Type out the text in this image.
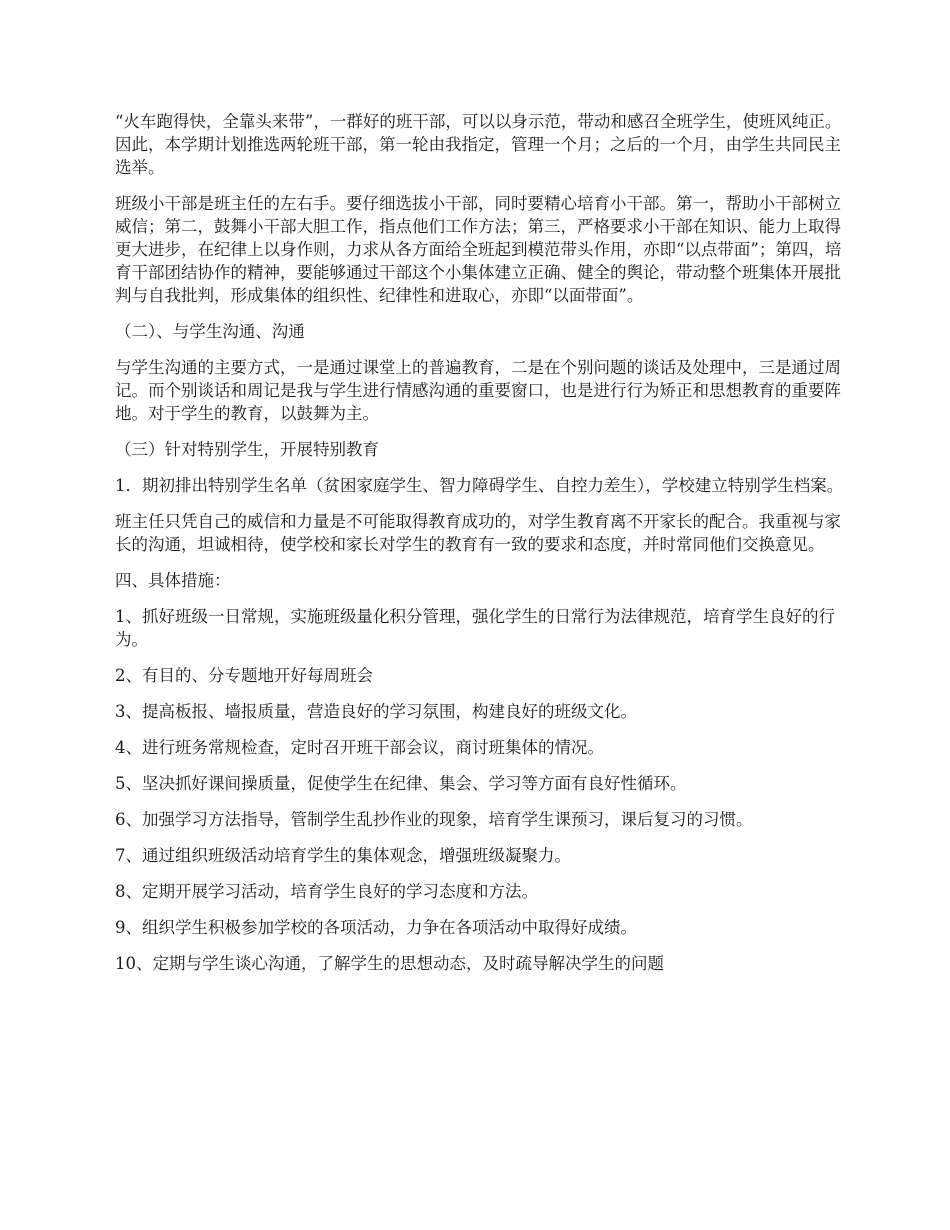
“火车跑得快，全靠头来带”，一群好的班干部，可以以身示范，带动和感召全班学生，使班风纯正。因此，本学期计划推选两轮班干部，第一轮由我指定，管理一个月；之后的一个月，由学生共同民主选举。

班级小干部是班主任的左右手。要仔细选拔小干部，同时要精心培育小干部。第一，帮助小干部树立威信；第二，鼓舞小干部大胆工作，指点他们工作方法；第三，严格要求小干部在知识、能力上取得更大进步，在纪律上以身作则，力求从各方面给全班起到模范带头作用，亦即“以点带面”；第四，培育干部团结协作的精神，要能够通过干部这个小集体建立正确、健全的舆论，带动整个班集体开展批判与自我批判，形成集体的组织性、纪律性和进取心，亦即“以面带面”。

（二）、与学生沟通、沟通

与学生沟通的主要方式，一是通过课堂上的普遍教育，二是在个别问题的谈话及处理中，三是通过周记。而个别谈话和周记是我与学生进行情感沟通的重要窗口，也是进行行为矫正和思想教育的重要阵地。对于学生的教育，以鼓舞为主。

（三）针对特别学生，开展特别教育

1．期初排出特别学生名单（贫困家庭学生、智力障碍学生、自控力差生），学校建立特别学生档案。

班主任只凭自己的威信和力量是不可能取得教育成功的，对学生教育离不开家长的配合。我重视与家长的沟通，坦诚相待，使学校和家长对学生的教育有一致的要求和态度，并时常同他们交换意见。

四、具体措施：

1、抓好班级一日常规，实施班级量化积分管理，强化学生的日常行为法律规范，培育学生良好的行为。

2、有目的、分专题地开好每周班会

3、提高板报、墙报质量，营造良好的学习氛围，构建良好的班级文化。

4、进行班务常规检查，定时召开班干部会议，商讨班集体的情况。

5、坚决抓好课间操质量，促使学生在纪律、集会、学习等方面有良好性循环。

6、加强学习方法指导，管制学生乱抄作业的现象，培育学生课预习，课后复习的习惯。

7、通过组织班级活动培育学生的集体观念，增强班级凝聚力。

8、定期开展学习活动，培育学生良好的学习态度和方法。

9、组织学生积极参加学校的各项活动，力争在各项活动中取得好成绩。

10、定期与学生谈心沟通，了解学生的思想动态，及时疏导解决学生的问题
